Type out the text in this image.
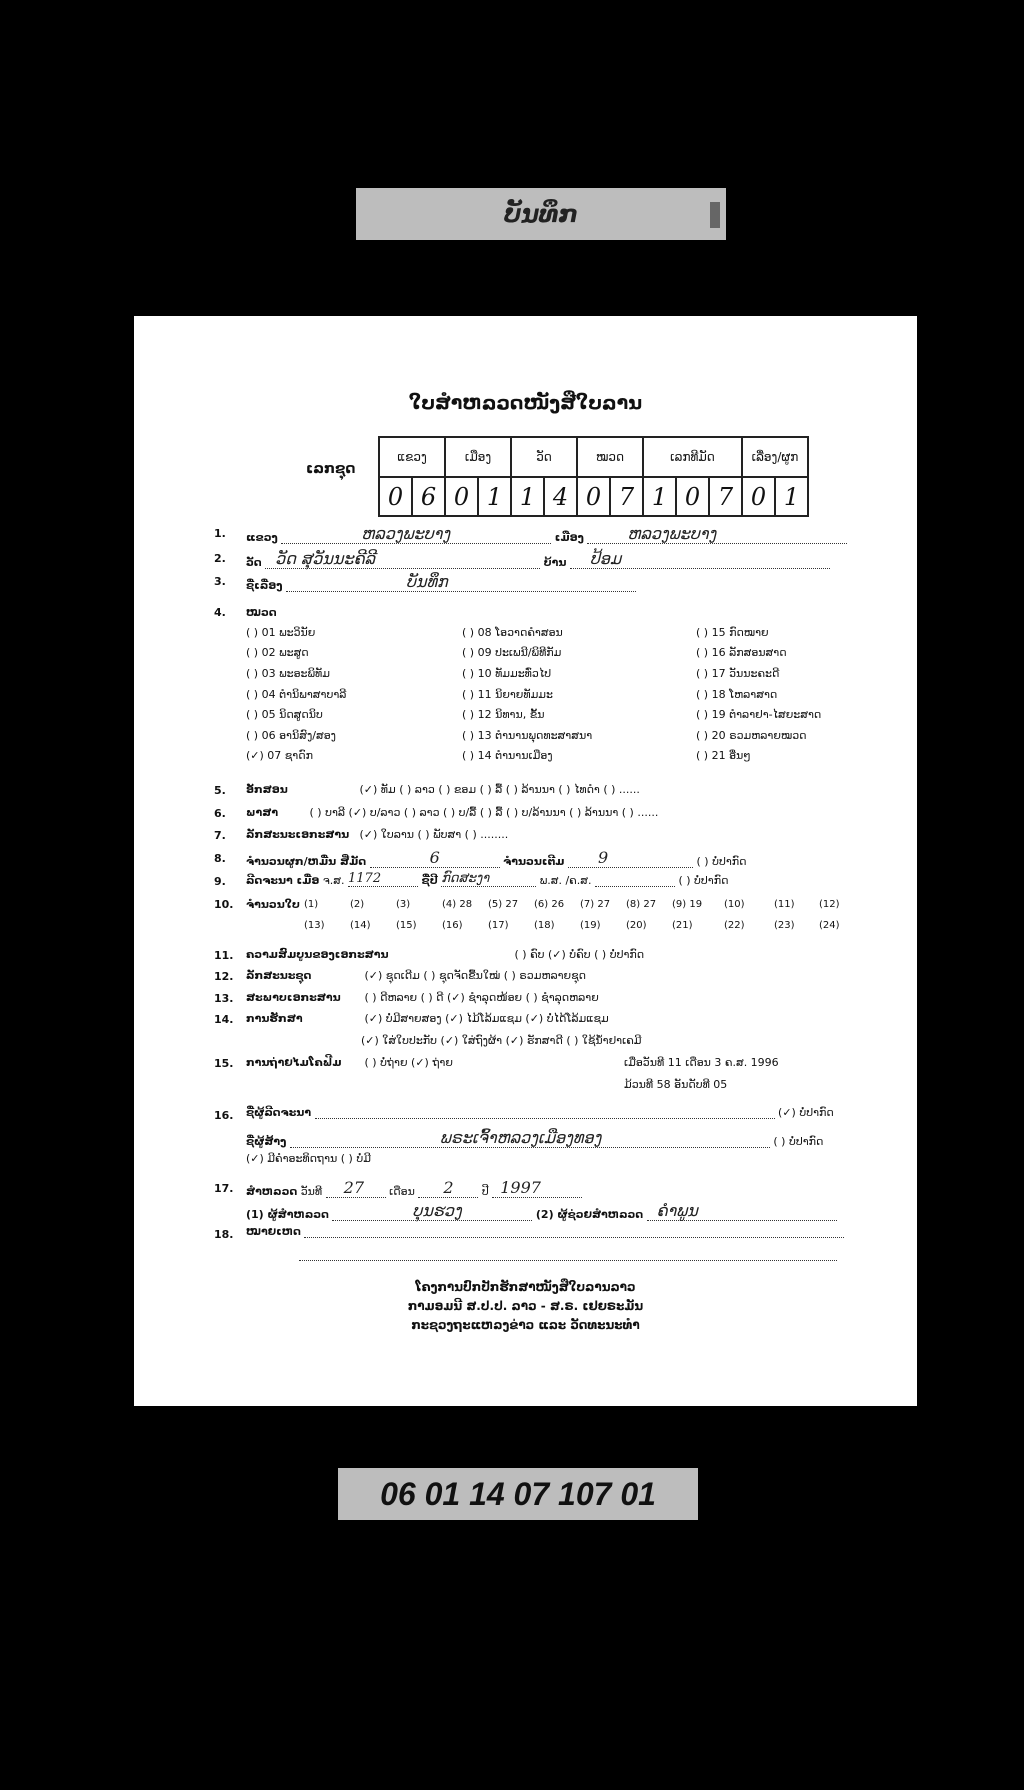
ບັນທຶກ
ໃບສຳຫລວດໜັງສືໃບລານ
ເລກຊຸດ
ແຂວງ		ເມືອງ		ວັດ		ໝວດ		ເລກທີມັດ			ເລື່ອງ/ຜູກ	
0	6	0	1	1	4	0	7	1	0	7	0	1
1. ແຂວງ	ຫລວງພະບາງ	ເມືອງ	ຫລວງພະບາງ
2. ວັດ ວັດ ສຸວັນນະຄີລີ	ບ້ານ ປ້ອມ
3. ຊື່ເລື່ອງ	ບັນທຶກ
4. ໝວດ
( ) 01 ພະວິນັຍ
( ) 02 ພະສູດ
( ) 03 ພະອະພິທັມ
( ) 04 ຕຳນິພາສາບາລີ
( ) 05 ນິດສູດນິບ
( ) 06 ອານິສົງ/ສອງ
(✓) 07 ຊາດົກ
( ) 08 ໂອວາດຄຳສອນ
( ) 09 ປະເພນີ/ພິທີກັມ
( ) 10 ທັມມະທົ່ວໄປ
( ) 11 ນິຍາຍທັມມະ
( ) 12 ນິທານ, ຂັ້ນ
( ) 13 ຕຳນານພຸດທະສາສນາ
( ) 14 ຕຳນານເມືອງ
( ) 15 ກົດໝາຍ
( ) 16 ລັກສອນສາດ
( ) 17 ວັນນະຄະດີ
( ) 18 ໂຫລາສາດ
( ) 19 ຕຳລາຢາ-ໄສຍະສາດ
( ) 20 ຣວມຫລາຍໝວດ
( ) 21 ອື່ນໆ
5. ອັກສອນ	(✓) ທັມ ( ) ລາວ ( ) ຂອມ ( ) ລື້ ( ) ລ້ານນາ ( ) ໄທດຳ ( ) ......
6. ພາສາ	( ) ບາລີ (✓) ບ/ລາວ ( ) ລາວ ( ) ບ/ລື້ ( ) ລື້ ( ) ບ/ລ້ານນາ ( ) ລ້ານນາ ( ) ......
7. ລັກສະນະເອກະສານ (✓) ໃບລານ ( ) ພັບສາ ( ) ........
8. ຈຳນວນຜູກ/ຫມື່ນ ສີ່ມັດ	6	ຈຳນວນເຕີມ 9	( ) ບໍ່ປາກົດ
9. ລີດຈະນາ ເມື່ອ ຈ.ສ. 1172	ຊື່ປີ ກົດສະງາ	ພ.ສ. /ຄ.ສ.	( ) ບໍ່ປາກົດ
10. ຈຳນວນໃບ (1)	(2)	(3)	(4) 28 (5) 27 (6) 26 (7) 27 (8) 27 (9) 19 (10)	(11) (12)
(13)	(14)	(15)	(16)	(17)	(18)	(19)	(20)	(21)	(22)	(23) (24)
11. ຄວາມສົມບູນຂອງເອກະສານ	( ) ຄົບ (✓) ບໍ່ຄົບ ( ) ບໍ່ປາກົດ
12. ລັກສະນະຊຸດ	(✓) ຊຸດເດີມ ( ) ຊຸດຈັດຂື້ນໃໝ່ ( ) ຣວມຫລາຍຊຸດ
13. ສະພາບເອກະສານ ( ) ດີຫລາຍ ( ) ດີ (✓) ຊຳລຸດໜ້ອຍ ( ) ຊຳລຸດຫລາຍ
14. ການຮັກສາ	(✓) ບໍ່ມີສາຍສອງ (✓) ໄມ້ໂລ້ມແຊມ (✓) ບໍ່ໄດ້ໂລ້ມແຊມ
(✓) ໃສ່ໃບປະກັບ (✓) ໃສ່ຖົງຜ້າ (✓) ຮັກສາດີ ( ) ໃຊ້ນ້ຳຢາເຄມີ
15. ການຖ່າຍໄມໂຄຟີມ ( ) ບໍ່ຖ່າຍ (✓) ຖ່າຍ	ເມື່ອວັນທີ 11 ເດືອນ 3 ຄ.ສ. 1996
ມ້ວນທີ 58 ອັນດັບທີ 05
16. ຊື່ຜູ້ລີດຈະນາ	(✓) ບໍ່ປາກົດ
ຊື່ຜູ້ສ້າງ	ພຣະເຈົ້າຫລວງເມືອງທອງ	( ) ບໍ່ປາກົດ
(✓) ມີຄຳອະທິດຖານ ( ) ບໍ່ມີ
17. ສຳຫລວດ ວັນທີ 27 ເດືອນ 2	ປີ 1997
(1) ຜູ້ສຳຫລວດ	ບຸນຮວງ	(2) ຜູ້ຊ່ວຍສຳຫລວດ ຄຳພູນ
18. ໝາຍເຫດ
ໂຄງການປົກປັກຮັກສາໜັງສືໃບລານລາວ
ກາມອມນີ ສ.ປ.ປ. ລາວ - ສ.ຣ. ເຢຍຣະມັນ
ກະຊວງຖະແຫລງຂ່າວ ແລະ ວັດທະນະທຳ
06 01 14 07 107 01
